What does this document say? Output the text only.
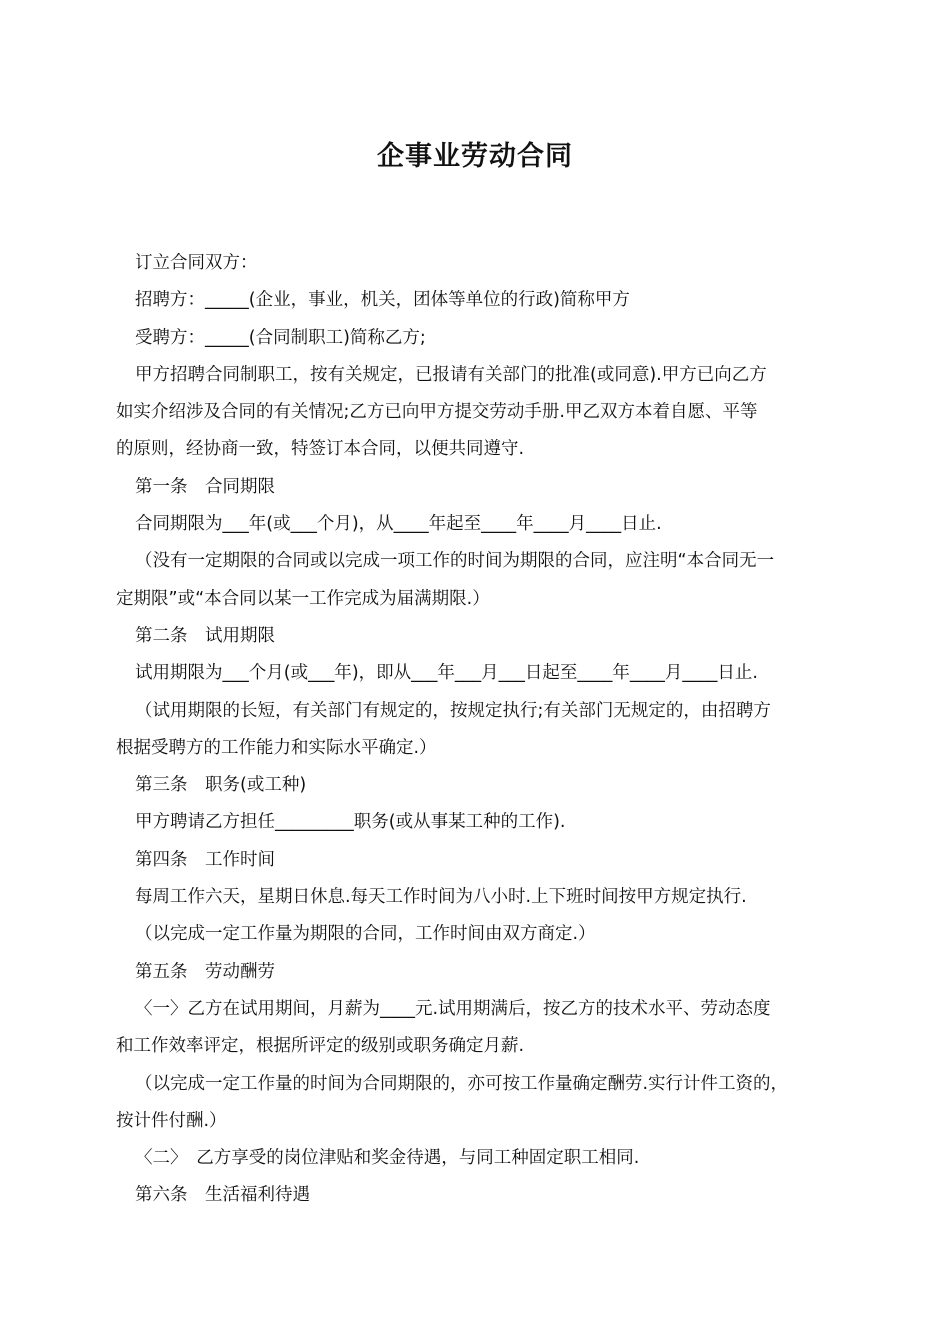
企事业劳动合同

订立合同双方：

招聘方：_____(企业，事业，机关，团体等单位的行政)简称甲方

受聘方：_____(合同制职工)简称乙方;

甲方招聘合同制职工，按有关规定，已报请有关部门的批准(或同意).甲方已向乙方

如实介绍涉及合同的有关情况;乙方已向甲方提交劳动手册.甲乙双方本着自愿、平等

的原则，经协商一致，特签订本合同，以便共同遵守.

第一条　合同期限

合同期限为___年(或___个月)，从____年起至____年____月____日止.

（没有一定期限的合同或以完成一项工作的时间为期限的合同，应注明“本合同无一

定期限”或“本合同以某一工作完成为届满期限.）

第二条　试用期限

试用期限为___个月(或___年)，即从___年___月___日起至____年____月____日止.

（试用期限的长短，有关部门有规定的，按规定执行;有关部门无规定的，由招聘方

根据受聘方的工作能力和实际水平确定.）

第三条　职务(或工种)

甲方聘请乙方担任_________职务(或从事某工种的工作).

第四条　工作时间

每周工作六天，星期日休息.每天工作时间为八小时.上下班时间按甲方规定执行.

（以完成一定工作量为期限的合同，工作时间由双方商定.）

第五条　劳动酬劳

〈一〉乙方在试用期间，月薪为____元.试用期满后，按乙方的技术水平、劳动态度

和工作效率评定，根据所评定的级别或职务确定月薪.

（以完成一定工作量的时间为合同期限的，亦可按工作量确定酬劳.实行计件工资的，

按计件付酬.）

〈二〉　乙方享受的岗位津贴和奖金待遇，与同工种固定职工相同.

第六条　生活福利待遇
